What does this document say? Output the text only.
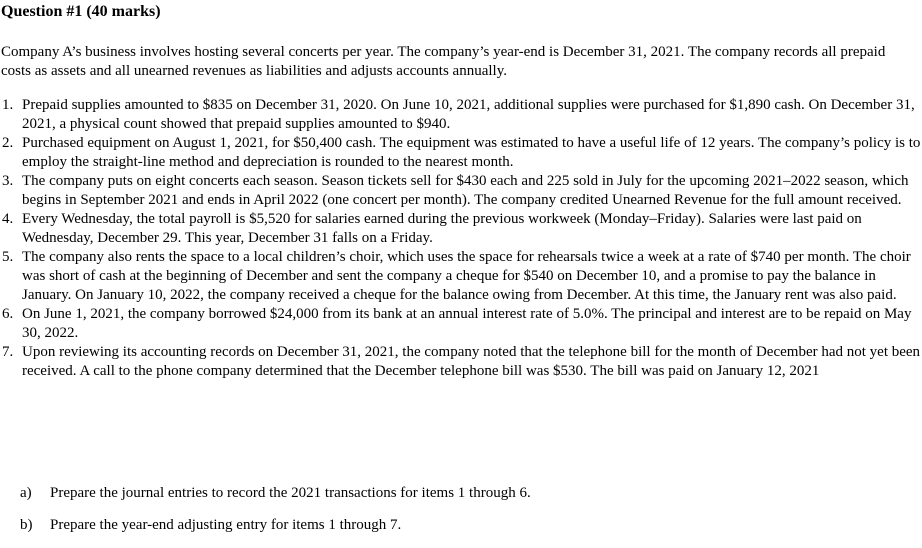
Question #1 (40 marks)

Company A’s business involves hosting several concerts per year. The company’s year-end is December 31, 2021. The company records all prepaid costs as assets and all unearned revenues as liabilities and adjusts accounts annually.

1. Prepaid supplies amounted to $835 on December 31, 2020. On June 10, 2021, additional supplies were purchased for $1,890 cash. On December 31, 2021, a physical count showed that prepaid supplies amounted to $940.
2. Purchased equipment on August 1, 2021, for $50,400 cash. The equipment was estimated to have a useful life of 12 years. The company’s policy is to employ the straight-line method and depreciation is rounded to the nearest month.
3. The company puts on eight concerts each season. Season tickets sell for $430 each and 225 sold in July for the upcoming 2021–2022 season, which begins in September 2021 and ends in April 2022 (one concert per month). The company credited Unearned Revenue for the full amount received.
4. Every Wednesday, the total payroll is $5,520 for salaries earned during the previous workweek (Monday–Friday). Salaries were last paid on Wednesday, December 29. This year, December 31 falls on a Friday.
5. The company also rents the space to a local children’s choir, which uses the space for rehearsals twice a week at a rate of $740 per month. The choir was short of cash at the beginning of December and sent the company a cheque for $540 on December 10, and a promise to pay the balance in January. On January 10, 2022, the company received a cheque for the balance owing from December. At this time, the January rent was also paid.
6. On June 1, 2021, the company borrowed $24,000 from its bank at an annual interest rate of 5.0%. The principal and interest are to be repaid on May 30, 2022.
7. Upon reviewing its accounting records on December 31, 2021, the company noted that the telephone bill for the month of December had not yet been received. A call to the phone company determined that the December telephone bill was $530. The bill was paid on January 12, 2021
a) Prepare the journal entries to record the 2021 transactions for items 1 through 6.
b) Prepare the year-end adjusting entry for items 1 through 7.
